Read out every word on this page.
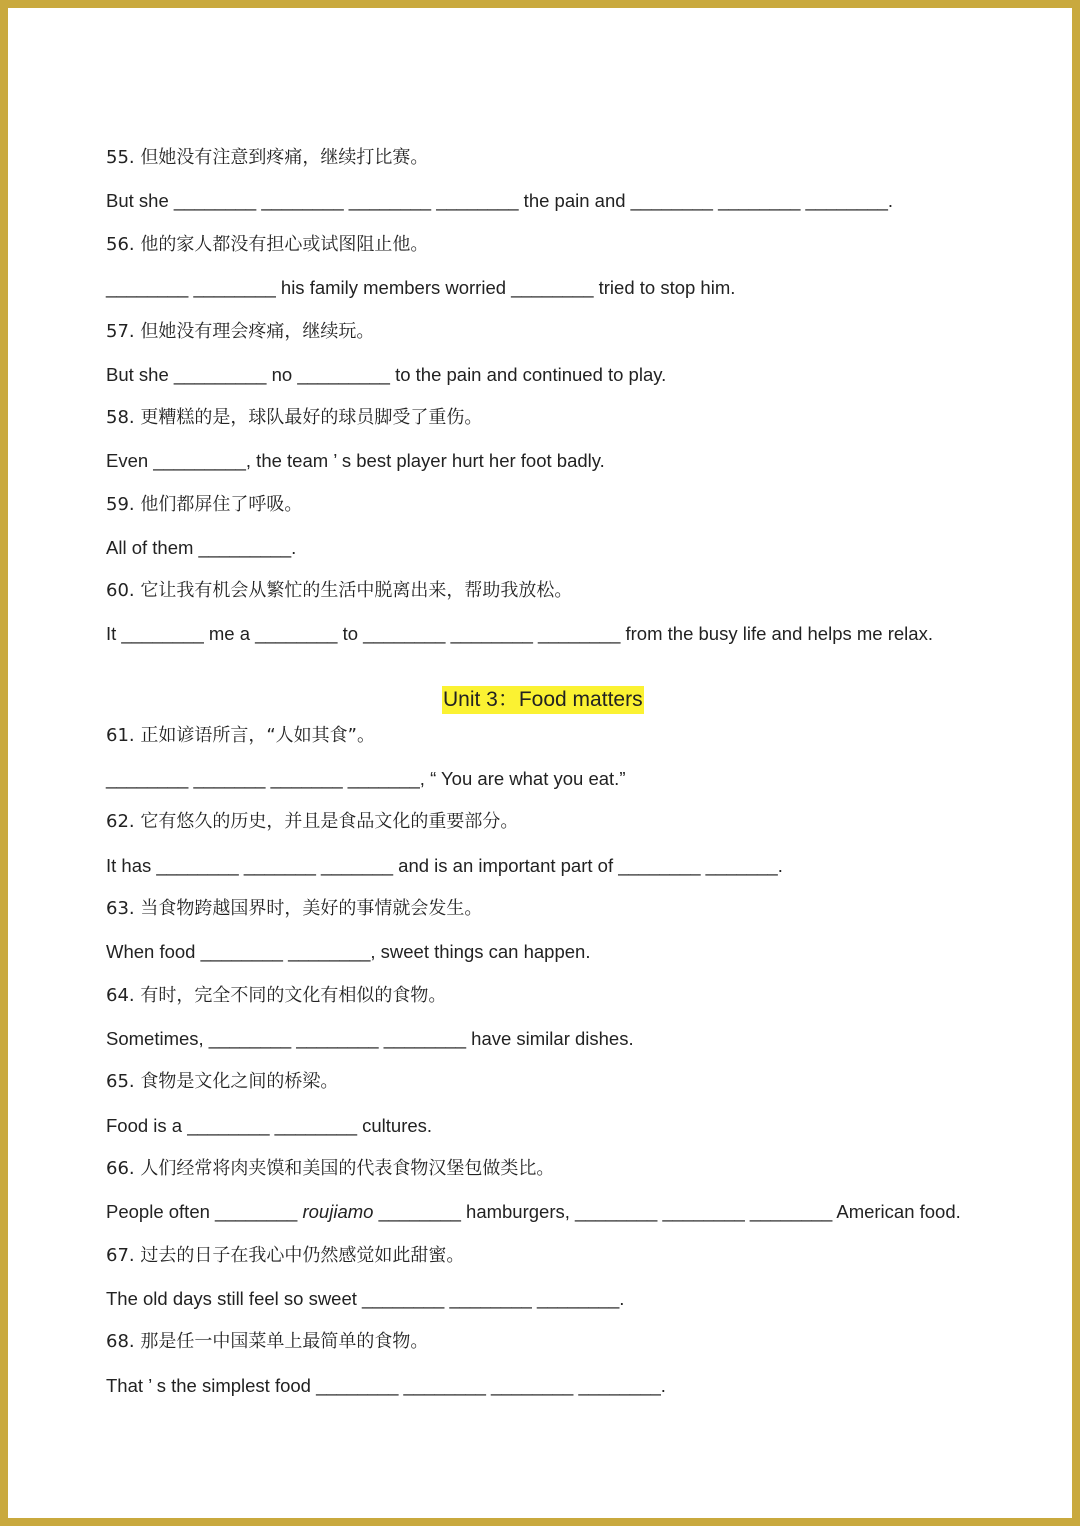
55. 但她没有注意到疼痛，继续打比赛。
But she ________ ________ ________ ________ the pain and ________ ________ ________.
56. 他的家人都没有担心或试图阻止他。
________ ________ his family members worried ________ tried to stop him.
57. 但她没有理会疼痛，继续玩。
But she _________ no _________ to the pain and continued to play.
58. 更糟糕的是，球队最好的球员脚受了重伤。
Even _________, the team ’ s best player hurt her foot badly.
59. 他们都屏住了呼吸。
All of them _________.
60. 它让我有机会从繁忙的生活中脱离出来，帮助我放松。
It ________ me a ________ to ________ ________ ________ from the busy life and helps me relax.
Unit 3：Food matters
61. 正如谚语所言，“人如其食”。
________ _______ _______ _______, “ You are what you eat.”
62. 它有悠久的历史，并且是食品文化的重要部分。
It has ________ _______ _______ and is an important part of ________ _______.
63. 当食物跨越国界时，美好的事情就会发生。
When food ________ ________, sweet things can happen.
64. 有时，完全不同的文化有相似的食物。
Sometimes, ________ ________ ________ have similar dishes.
65. 食物是文化之间的桥梁。
Food is a ________ ________ cultures.
66. 人们经常将肉夹馍和美国的代表食物汉堡包做类比。
People often ________ roujiamo ________ hamburgers, ________ ________ ________ American food.
67. 过去的日子在我心中仍然感觉如此甜蜜。
The old days still feel so sweet ________ ________ ________.
68. 那是任一中国菜单上最简单的食物。
That ’ s the simplest food ________ ________ ________ ________.
